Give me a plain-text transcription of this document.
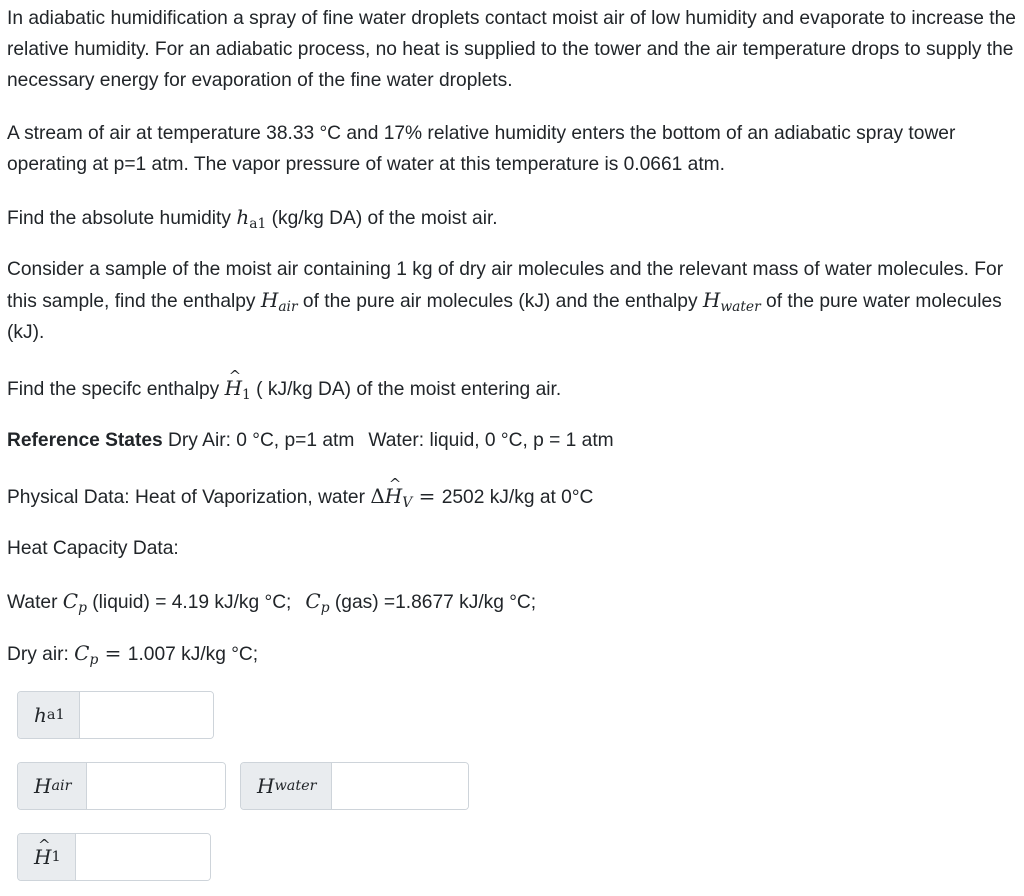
In adiabatic humidification a spray of fine water droplets contact moist air of low humidity and evaporate to increase the relative humidity. For an adiabatic process, no heat is supplied to the tower and the air temperature drops to supply the necessary energy for evaporation of the fine water droplets.

A stream of air at temperature 38.33 °C and 17% relative humidity enters the bottom of an adiabatic spray tower operating at p=1 atm. The vapor pressure of water at this temperature is 0.0661 atm.

Find the absolute humidity $h_{a1}$ (kg/kg DA) of the moist air.

Consider a sample of the moist air containing 1 kg of dry air molecules and the relevant mass of water molecules. For this sample, find the enthalpy $H_{air}$ of the pure air molecules (kJ) and the enthalpy $H_{water}$ of the pure water molecules (kJ).

Find the specifc enthalpy ^ $H_1$ ( kJ/kg DA) of the moist entering air.

Reference States Dry Air: 0 °C, p=1 atm Water: liquid, 0 °C, p = 1 atm

Physical Data: Heat of Vaporization, water Δ^ $H_V = 2502$ kJ/kg at 0°C

Heat Capacity Data:

Water $C_p$ (liquid) = 4.19 kJ/kg °C; $C_p$ (gas) =1.8677 kJ/kg °C;

Dry air: $C_p = 1.007$ kJ/kg °C;

h a1
H air	H water
^ H 1
